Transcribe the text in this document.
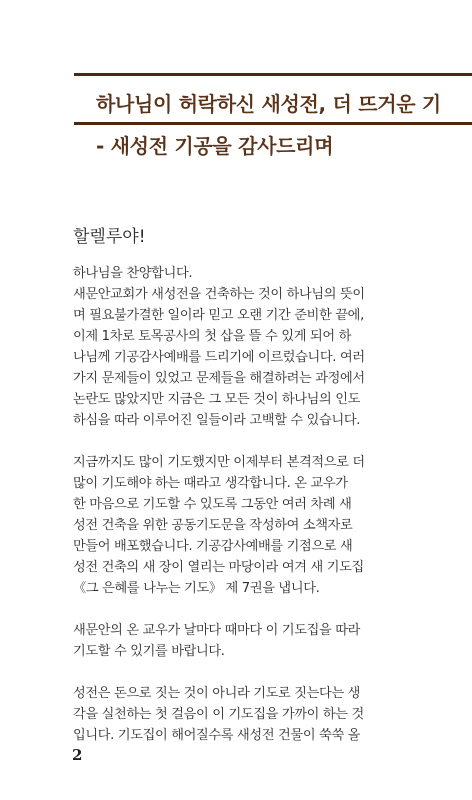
하나님이 허락하신 새성전, 더 뜨거운 기
- 새성전 기공을 감사드리며
할렐루야!
하나님을 찬양합니다.
새문안교회가 새성전을 건축하는 것이 하나님의 뜻이
며 필요불가결한 일이라 믿고 오랜 기간 준비한 끝에,
이제 1차로 토목공사의 첫 삽을 뜰 수 있게 되어 하
나님께 기공감사예배를 드리기에 이르렀습니다. 여러
가지 문제들이 있었고 문제들을 해결하려는 과정에서
논란도 많았지만 지금은 그 모든 것이 하나님의 인도
하심을 따라 이루어진 일들이라 고백할 수 있습니다.
지금까지도 많이 기도했지만 이제부터 본격적으로 더
많이 기도해야 하는 때라고 생각합니다. 온 교우가
한 마음으로 기도할 수 있도록 그동안 여러 차례 새
성전 건축을 위한 공동기도문을 작성하여 소책자로
만들어 배포했습니다. 기공감사예배를 기점으로 새
성전 건축의 새 장이 열리는 마당이라 여겨 새 기도집
《그 은혜를 나누는 기도》 제 7권을 냅니다.
새문안의 온 교우가 날마다 때마다 이 기도집을 따라
기도할 수 있기를 바랍니다.
성전은 돈으로 짓는 것이 아니라 기도로 짓는다는 생
각을 실천하는 첫 걸음이 이 기도집을 가까이 하는 것
입니다. 기도집이 해어질수록 새성전 건물이 쑥쑥 올
2
